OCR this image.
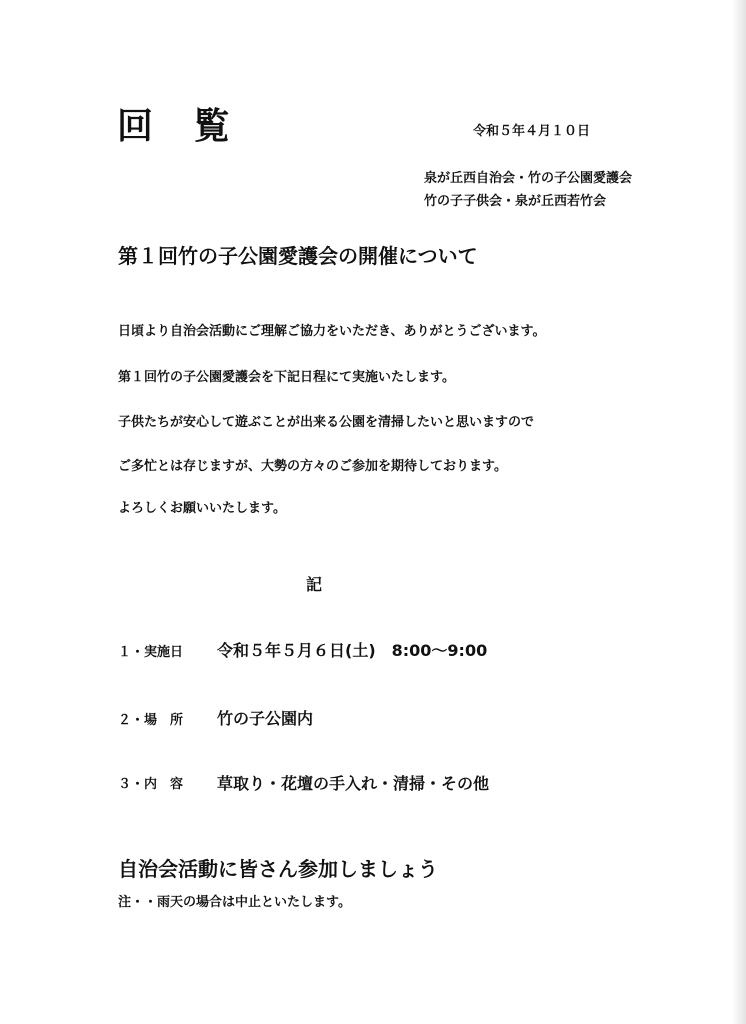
回 覧	令和５年４月１０日
泉が丘西自治会・竹の子公園愛護会
竹の子子供会・泉が丘西若竹会
第１回竹の子公園愛護会の開催について
日頃より自治会活動にご理解ご協力をいただき、ありがとうございます。
第１回竹の子公園愛護会を下記日程にて実施いたします。
子供たちが安心して遊ぶことが出来る公園を清掃したいと思いますので
ご多忙とは存じますが、大勢の方々のご参加を期待しております。
よろしくお願いいたします。
記
１・実施日 令和５年５月６日(土)　8:00～9:00
２・場　所 竹の子公園内
３・内　容 草取り・花壇の手入れ・清掃・その他
自治会活動に皆さん参加しましょう
注・・雨天の場合は中止といたします。
